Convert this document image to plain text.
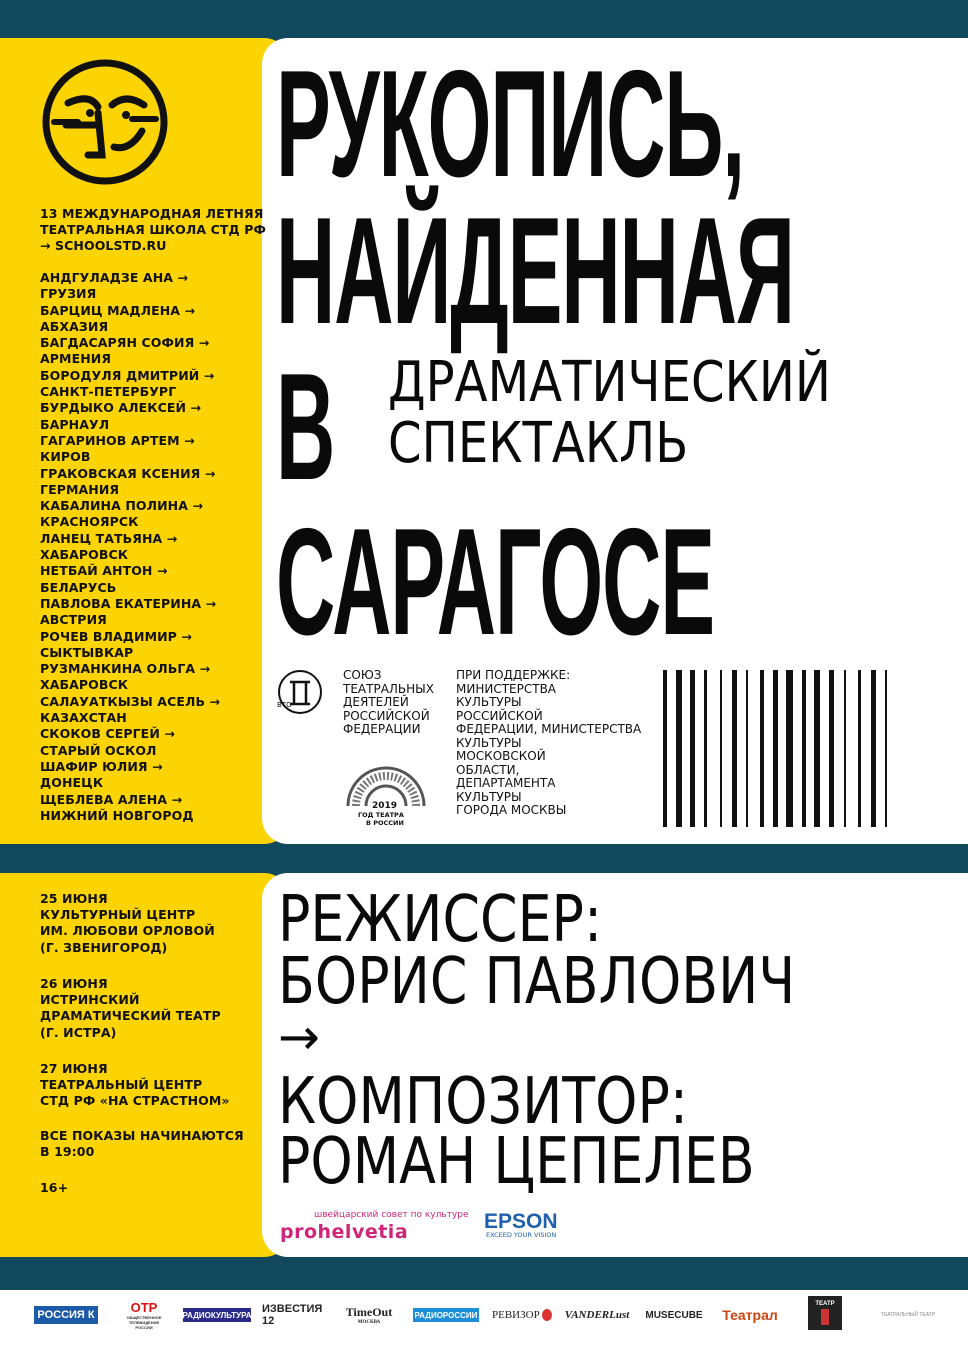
13 МЕЖДУНАРОДНАЯ ЛЕТНЯЯ
ТЕАТРАЛЬНАЯ ШКОЛА СТД РФ
→ SCHOOLSTD.RU
АНДГУЛАДЗЕ АНА →
ГРУЗИЯ
БАРЦИЦ МАДЛЕНА →
АБХАЗИЯ
БАГДАСАРЯН СОФИЯ →
АРМЕНИЯ
БОРОДУЛЯ ДМИТРИЙ →
САНКТ-ПЕТЕРБУРГ
БУРДЫКО АЛЕКСЕЙ →
БАРНАУЛ
ГАГАРИНОВ АРТЕМ →
КИРОВ
ГРАКОВСКАЯ КСЕНИЯ →
ГЕРМАНИЯ
КАБАЛИНА ПОЛИНА →
КРАСНОЯРСК
ЛАНЕЦ ТАТЬЯНА →
ХАБАРОВСК
НЕТБАЙ АНТОН →
БЕЛАРУСЬ
ПАВЛОВА ЕКАТЕРИНА →
АВСТРИЯ
РОЧЕВ ВЛАДИМИР →
СЫКТЫВКАР
РУЗМАНКИНА ОЛЬГА →
ХАБАРОВСК
САЛАУАТКЫЗЫ АСЕЛЬ →
КАЗАХСТАН
СКОКОВ СЕРГЕЙ →
СТАРЫЙ ОСКОЛ
ШАФИР ЮЛИЯ →
ДОНЕЦК
ЩЕБЛЕВА АЛЕНА →
НИЖНИЙ НОВГОРОД
РУКОПИСЬ,
НАЙДЕННАЯ
В
САРАГОСЕ
ДРАМАТИЧЕСКИЙ
СПЕКТАКЛЬ
ВТО
СОЮЗ
ТЕАТРАЛЬНЫХ
ДЕЯТЕЛЕЙ
РОССИЙСКОЙ
ФЕДЕРАЦИИ
2019
ГОД ТЕАТРА
В РОССИИ
ПРИ ПОДДЕРЖКЕ:
МИНИСТЕРСТВА
КУЛЬТУРЫ
РОССИЙСКОЙ
ФЕДЕРАЦИИ, МИНИСТЕРСТВА
КУЛЬТУРЫ
МОСКОВСКОЙ
ОБЛАСТИ,
ДЕПАРТАМЕНТА
КУЛЬТУРЫ
ГОРОДА МОСКВЫ
25 ИЮНЯ
КУЛЬТУРНЫЙ ЦЕНТР
ИМ. ЛЮБОВИ ОРЛОВОЙ
(Г. ЗВЕНИГОРОД)
26 ИЮНЯ
ИСТРИНСКИЙ
ДРАМАТИЧЕСКИЙ ТЕАТР
(Г. ИСТРА)
27 ИЮНЯ
ТЕАТРАЛЬНЫЙ ЦЕНТР
СТД РФ «НА СТРАСТНОМ»
ВСЕ ПОКАЗЫ НАЧИНАЮТСЯ
В 19:00
16+
РЕЖИССЕР:
БОРИС ПАВЛОВИЧ
→
КОМПОЗИТОР:
РОМАН ЦЕПЕЛЕВ
швейцарский совет по культуре
prohelvetia	EPSON
EXCEED YOUR VISION
РОССИЯ К	ОТР
ОБЩЕСТВЕННОЕ ТЕЛЕВИДЕНИЕ РОССИИ
РАДИОКУЛЬТУРА ИЗВЕСТИЯ 12
TimeOut
МОСКВА
РАДИОРОССИИ РЕВИЗОР VANDERLust MUSECUBE Театрал
ТЕАТР
ТЕАТРАЛЬНЫЙ ТЕАТР
